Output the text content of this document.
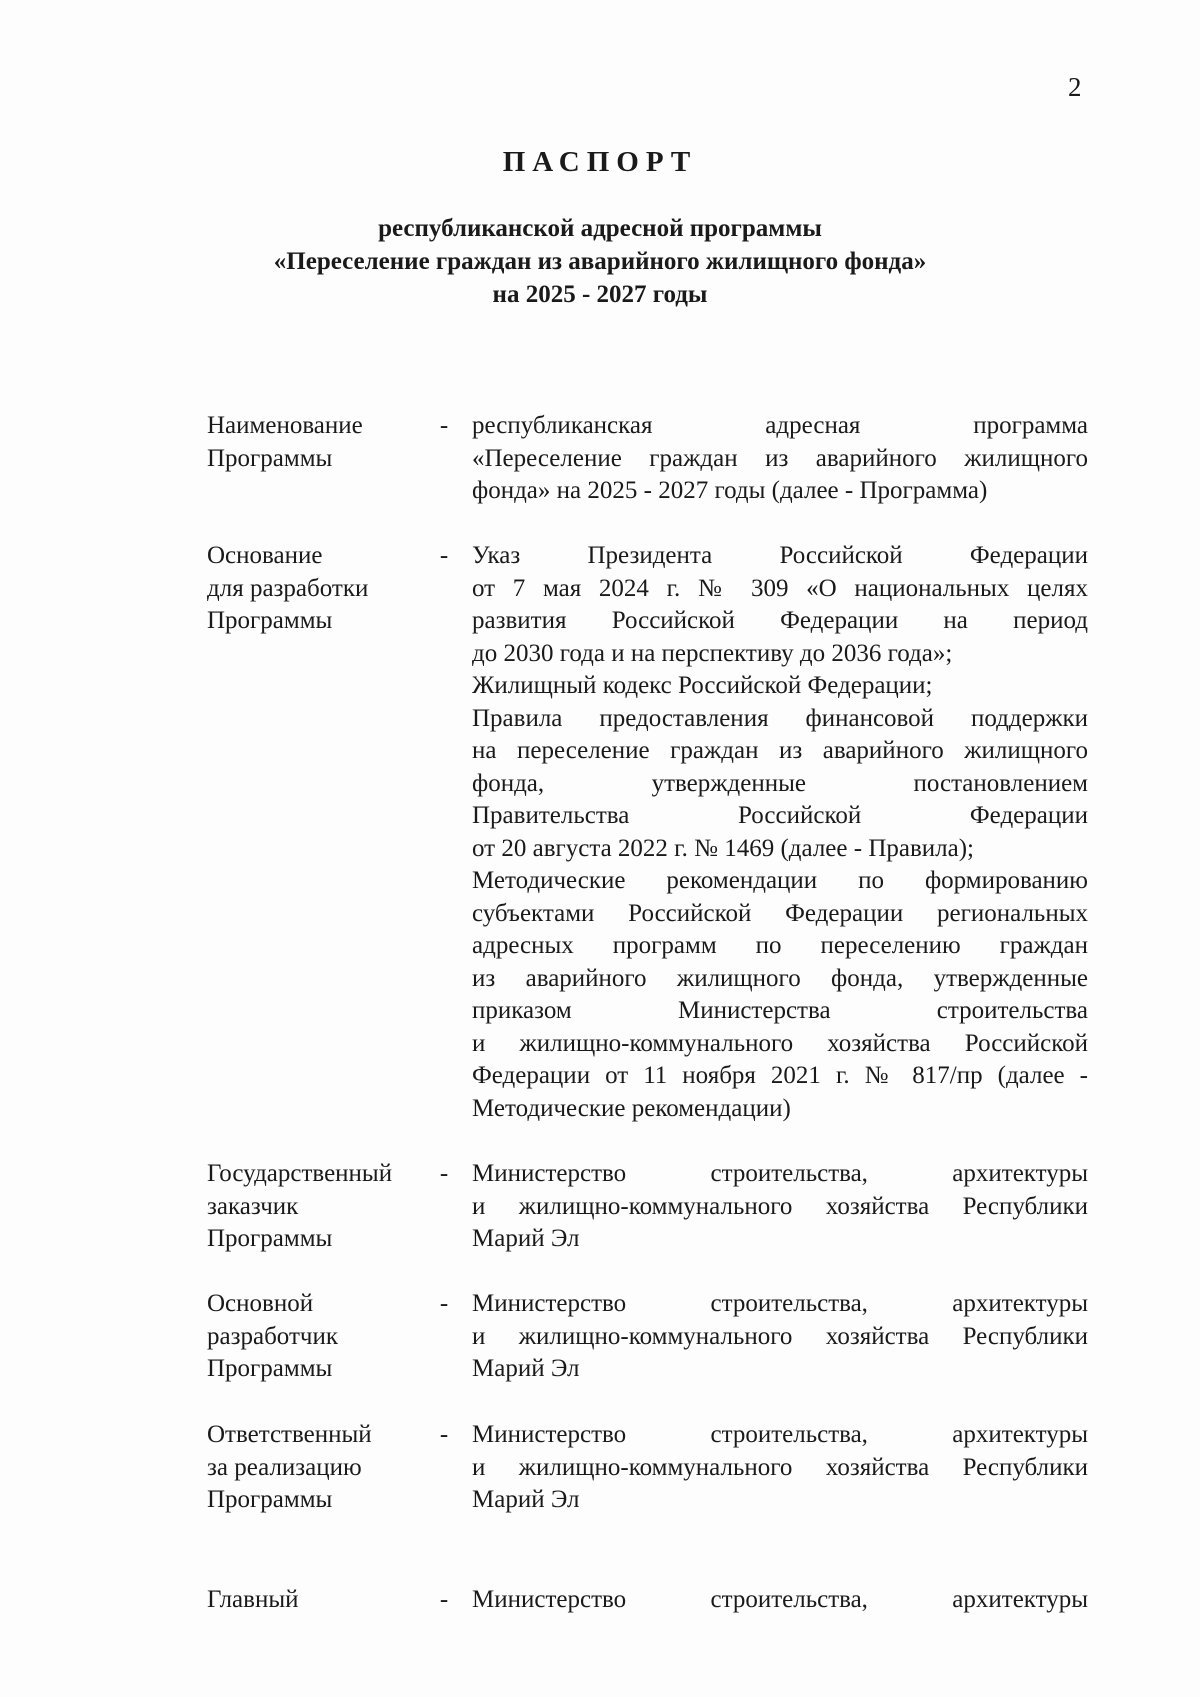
2
ПАСПОРТ
республиканской адресной программы
«Переселение граждан из аварийного жилищного фонда»
на 2025 - 2027 годы
Наименование
Программы
- республиканская адресная программа
«Переселение граждан из аварийного жилищного
фонда» на 2025 - 2027 годы (далее - Программа)
Основание
для разработки
Программы
- Указ Президента Российской Федерации
от 7 мая 2024 г. № 309 «О национальных целях
развития Российской Федерации на период
до 2030 года и на перспективу до 2036 года»;
Жилищный кодекс Российской Федерации;
Правила предоставления финансовой поддержки
на переселение граждан из аварийного жилищного
фонда, утвержденные постановлением
Правительства Российской Федерации
от 20 августа 2022 г. № 1469 (далее - Правила);
Методические рекомендации по формированию
субъектами Российской Федерации региональных
адресных программ по переселению граждан
из аварийного жилищного фонда, утвержденные
приказом Министерства строительства
и жилищно-коммунального хозяйства Российской
Федерации от 11 ноября 2021 г. № 817/пр (далее -
Методические рекомендации)
Государственный
заказчик
Программы
- Министерство строительства, архитектуры
и жилищно-коммунального хозяйства Республики
Марий Эл
Основной
разработчик
Программы
- Министерство строительства, архитектуры
и жилищно-коммунального хозяйства Республики
Марий Эл
Ответственный
за реализацию
Программы
- Министерство строительства, архитектуры
и жилищно-коммунального хозяйства Республики
Марий Эл
Главный	- Министерство строительства, архитектуры
